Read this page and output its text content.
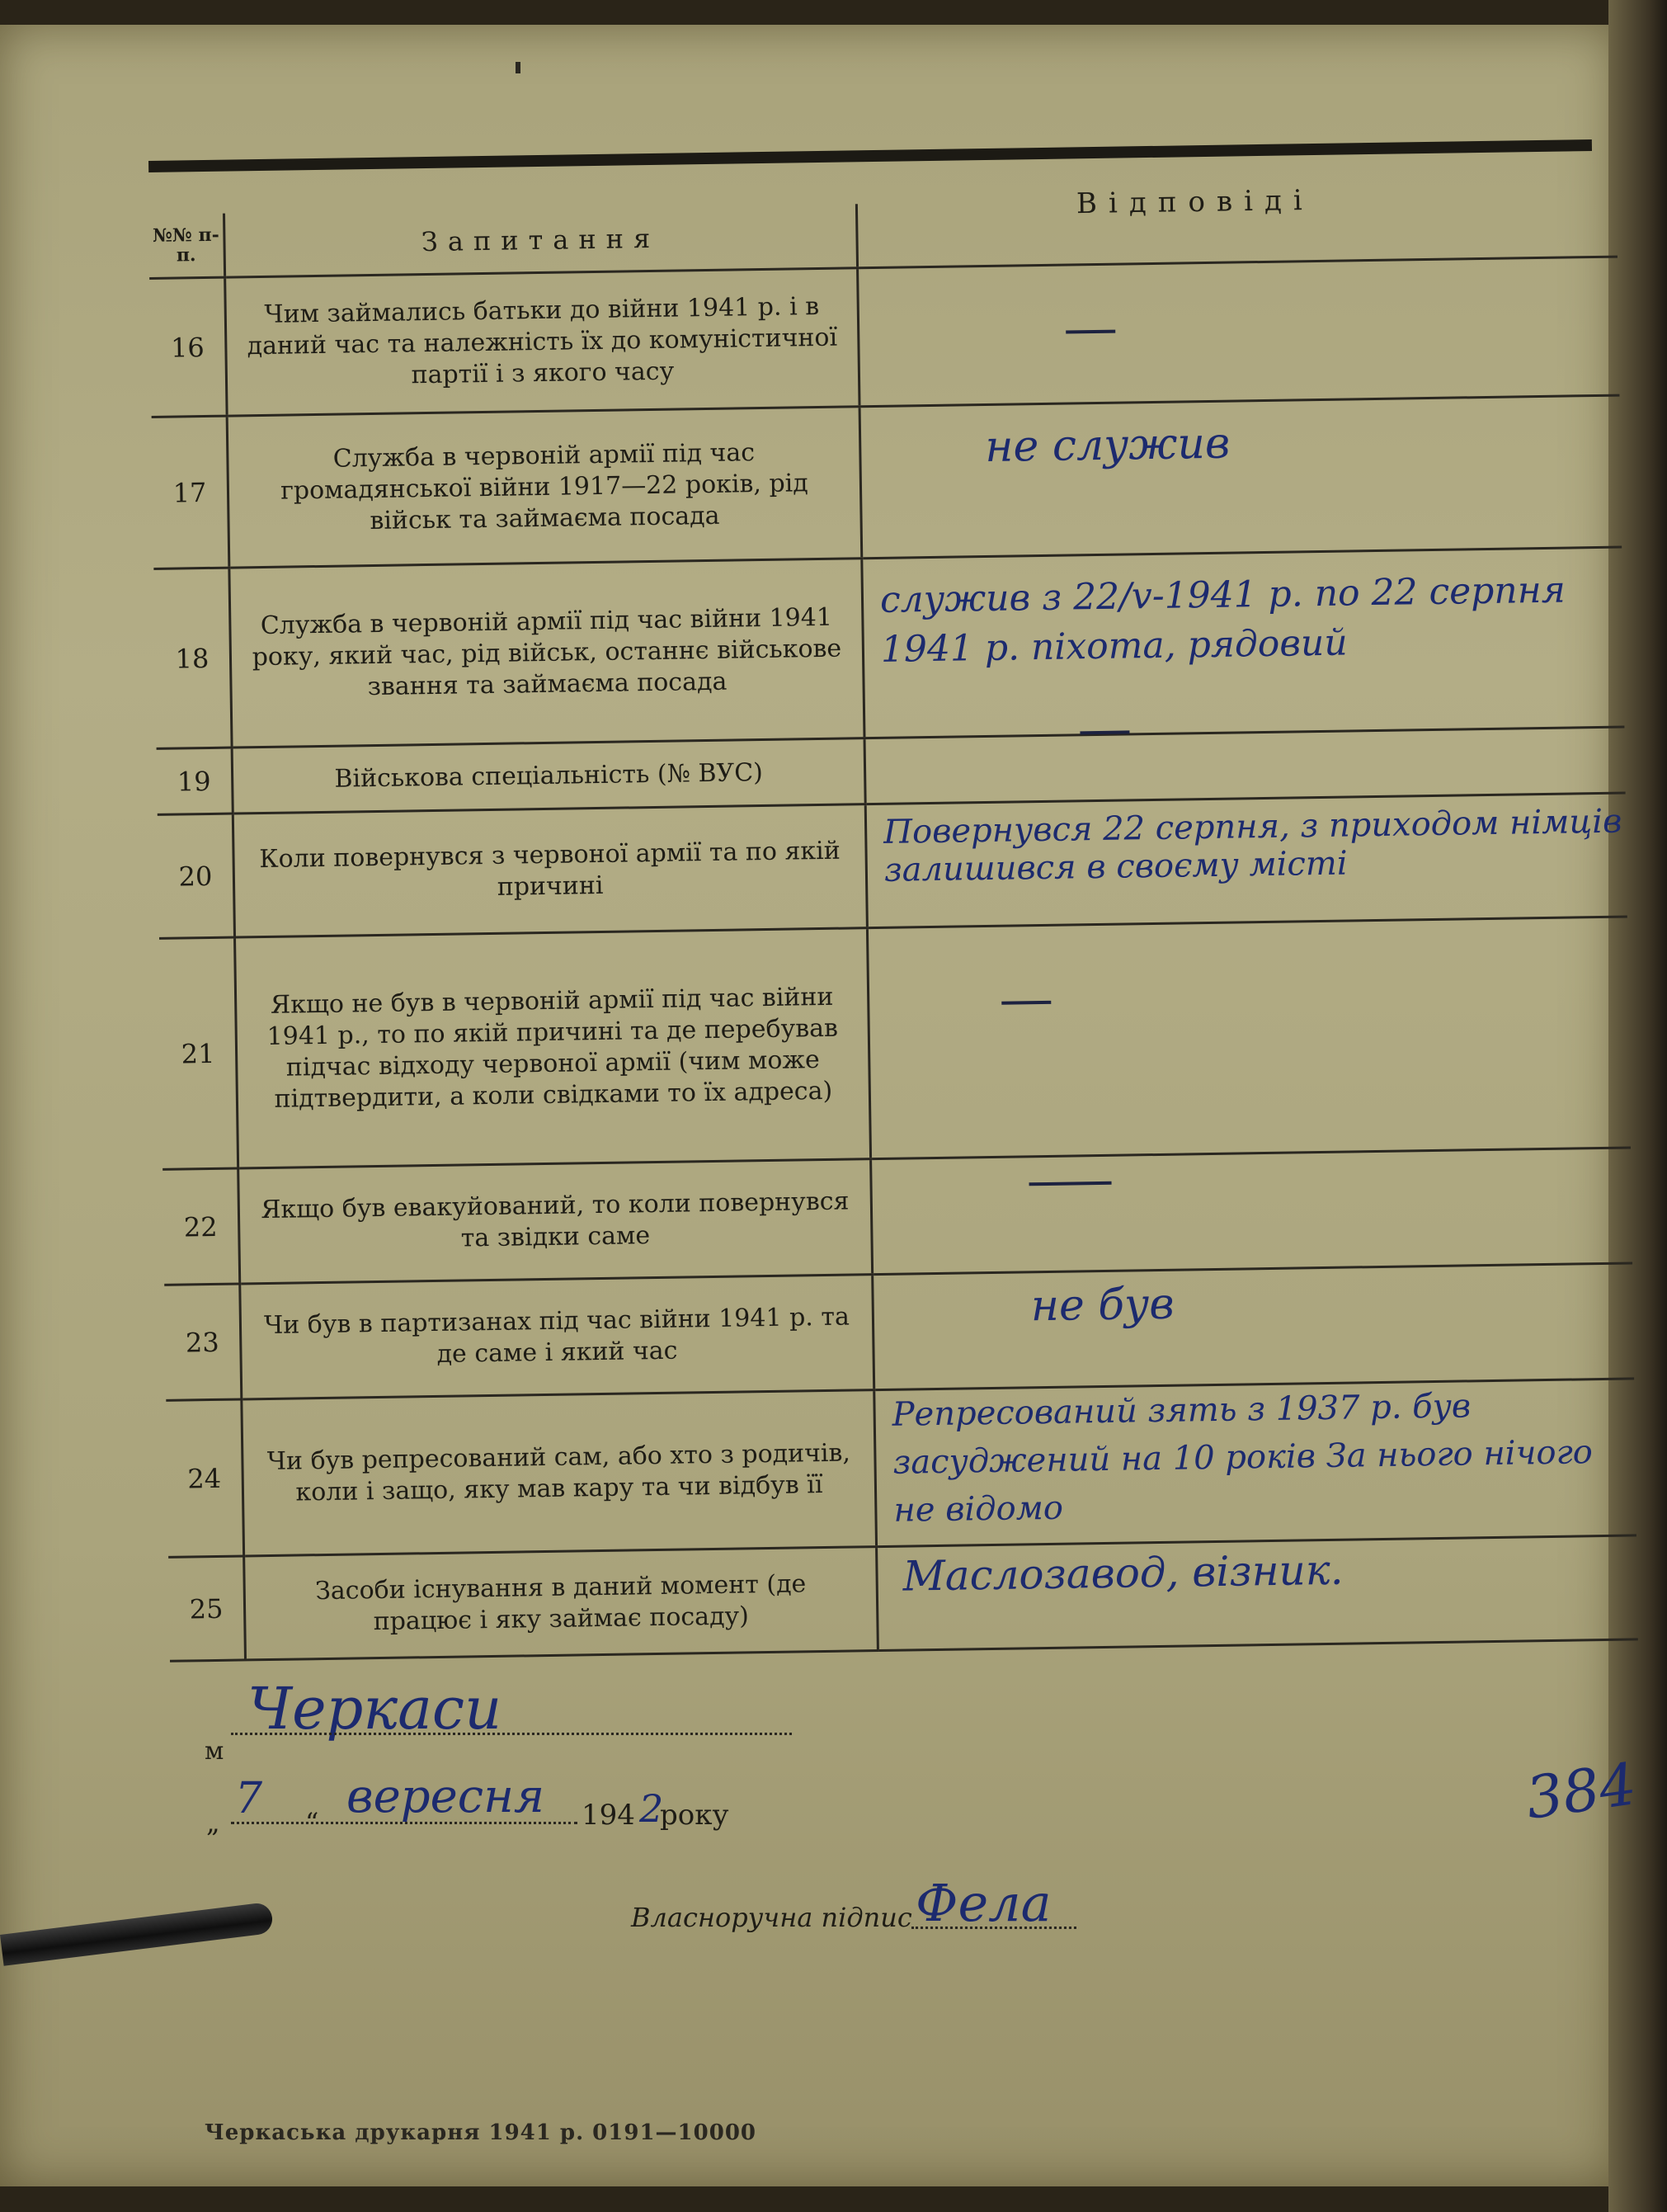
Відповіді
№№ п-п.	Запитання	
16	Чим займались батьки до війни 1941 р. і в даний час та належність їх до комуністичної партії і з якого часу	

17	Служба в червоній армії під час громадянської війни 1917—22 років, рід військ та займаєма посада	не служив

18	Служба в червоній армії під час війни 1941 року, який час, рід військ, останнє військове звання та займаєма посада	служив з 22/v-1941 р. по 22 серпня 1941 р. піхота, рядовий

19	Військова спеціальність (№ ВУС)	

20	Коли повернувся з червоної армії та по якій причині	Повернувся 22 серпня, з приходом німців залишився в своєму місті

21	Якщо не був в червоній армії під час війни 1941 р., то по якій причині та де перебував підчас відходу червоної армії (чим може підтвердити, а коли свідками то їх адреса)	

22	Якщо був евакуйований, то коли повернувся та звідки саме	

23	Чи був в партизанах під час війни 1941 р. та де саме і який час	не був

24	Чи був репресований сам, або хто з родичів, коли і защо, яку мав кару та чи відбув її	Репресований зять з 1937 р. був засуджений на 10 років За нього нічого не відомо

25	Засоби існування в даний момент (де працює і яку займає посаду)	Маслозавод, візник.
Черкаси
м
„	“
7 вересня 194 2
року
Власноручна підпис Фела
384
Черкаська друкарня 1941 р. 0191—10000
